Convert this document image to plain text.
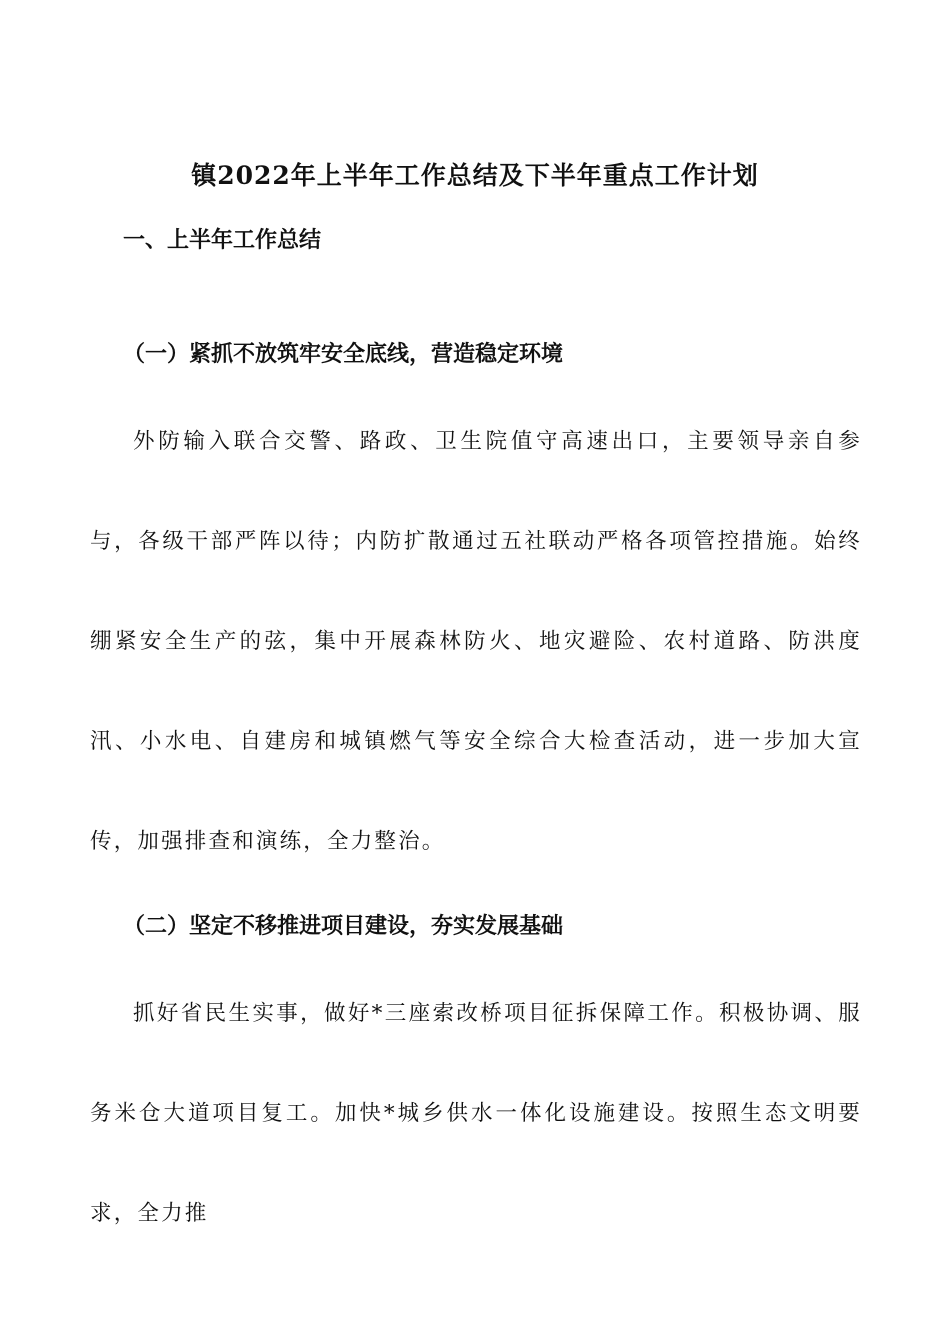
镇2022年上半年工作总结及下半年重点工作计划
一、上半年工作总结
（一）紧抓不放筑牢安全底线，营造稳定环境
外防输入联合交警、路政、卫生院值守高速出口，主要领导亲自参与，各级干部严阵以待；内防扩散通过五社联动严格各项管控措施。始终绷紧安全生产的弦，集中开展森林防火、地灾避险、农村道路、防洪度汛、小水电、自建房和城镇燃气等安全综合大检查活动，进一步加大宣传，加强排查和演练，全力整治。
（二）坚定不移推进项目建设，夯实发展基础
抓好省民生实事，做好*三座索改桥项目征拆保障工作。积极协调、服务米仓大道项目复工。加快*城乡供水一体化设施建设。按照生态文明要求，全力推
